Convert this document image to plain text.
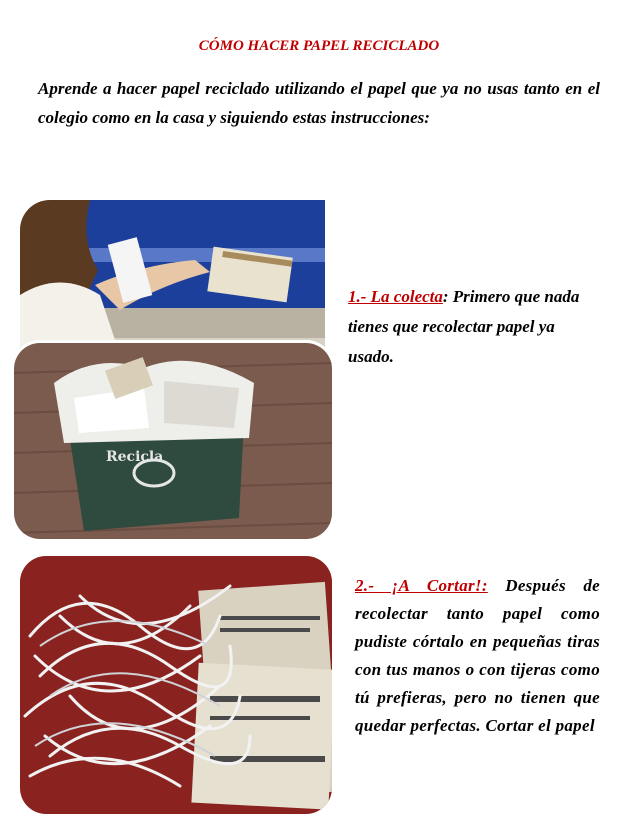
CÓMO HACER PAPEL RECICLADO

Aprende a hacer papel reciclado utilizando el papel que ya no usas tanto en el colegio como en la casa y siguiendo estas instrucciones:

Recicla

1.- La colecta: Primero que nada tienes que recolectar papel ya usado.

2.- ¡A Cortar!: Después de recolectar tanto papel como pudiste córtalo en pequeñas tiras con tus manos o con tijeras como tú prefieras, pero no tienen que quedar perfectas. Cortar el papel
